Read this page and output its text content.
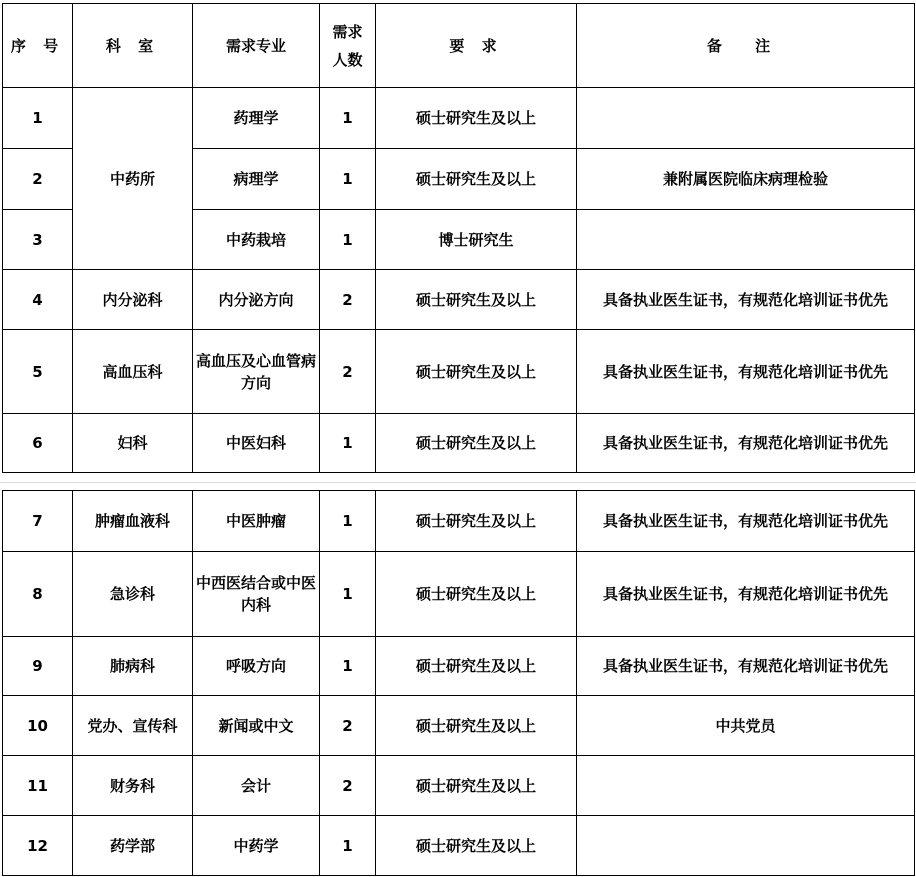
序 号	科 室	需求专业	需求人数	要 求	备 注
1	中药所	药理学	1	硕士研究生及以上	
2		病理学	1	硕士研究生及以上	兼附属医院临床病理检验
3		中药栽培	1	博士研究生	
4	内分泌科	内分泌方向	2	硕士研究生及以上	具备执业医生证书，有规范化培训证书优先
5	高血压科	高血压及心血管病方向	2	硕士研究生及以上	具备执业医生证书，有规范化培训证书优先
6	妇科	中医妇科	1	硕士研究生及以上	具备执业医生证书，有规范化培训证书优先
7	肿瘤血液科	中医肿瘤	1	硕士研究生及以上	具备执业医生证书，有规范化培训证书优先
8	急诊科	中西医结合或中医内科	1	硕士研究生及以上	具备执业医生证书，有规范化培训证书优先
9	肺病科	呼吸方向	1	硕士研究生及以上	具备执业医生证书，有规范化培训证书优先
10	党办、宣传科	新闻或中文	2	硕士研究生及以上	中共党员
11	财务科	会计	2	硕士研究生及以上	
12	药学部	中药学	1	硕士研究生及以上	
